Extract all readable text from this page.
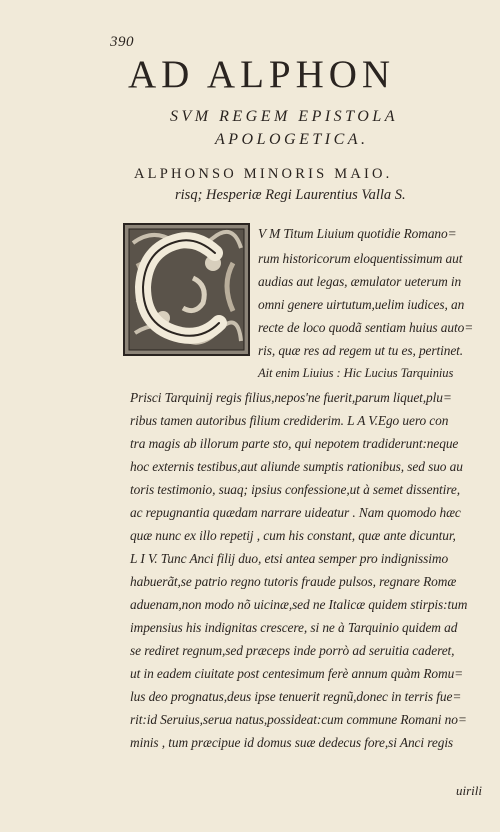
390
AD ALPHON
SVM REGEM EPISTOLA
APOLOGETICA.
ALPHONSO MINORIS MAIO.
risq; Hesperiæ Regi Laurentius Valla S.
V M Titum Liuium quotidie Romano=
rum historicorum eloquentissimum aut
audias aut legas, æmulator ueterum in
omni genere uirtutum,uelim iudices, an
recte de loco quodã sentiam huius auto=
ris, quæ res ad regem ut tu es, pertinet.
Ait enim Liuius : Hic Lucius Tarquinius
Prisci Tarquinij regis filius,nepos'ne fuerit,parum liquet,plu=
ribus tamen autoribus filium crediderim. L A V.Ego uero con
tra magis ab illorum parte sto, qui nepotem tradiderunt:neque
hoc externis testibus,aut aliunde sumptis rationibus, sed suo au
toris testimonio, suaq; ipsius confessione,ut à semet dissentire,
ac repugnantia quædam narrare uideatur . Nam quomodo hæc
quæ nunc ex illo repetij , cum his constant, quæ ante dicuntur,
L I V. Tunc Anci filij duo, etsi antea semper pro indignissimo
habuerãt,se patrio regno tutoris fraude pulsos, regnare Romæ
aduenam,non modo nõ uicinæ,sed ne Italicæ quidem stirpis:tum
impensius his indignitas crescere, si ne à Tarquinio quidem ad
se rediret regnum,sed præceps inde porrò ad seruitia caderet,
ut in eadem ciuitate post centesimum ferè annum quàm Romu=
lus deo prognatus,deus ipse tenuerit regnũ,donec in terris fue=
rit:id Seruius,serua natus,possideat:cum commune Romani no=
minis , tum præcipue id domus suæ dedecus fore,si Anci regis
uirili
